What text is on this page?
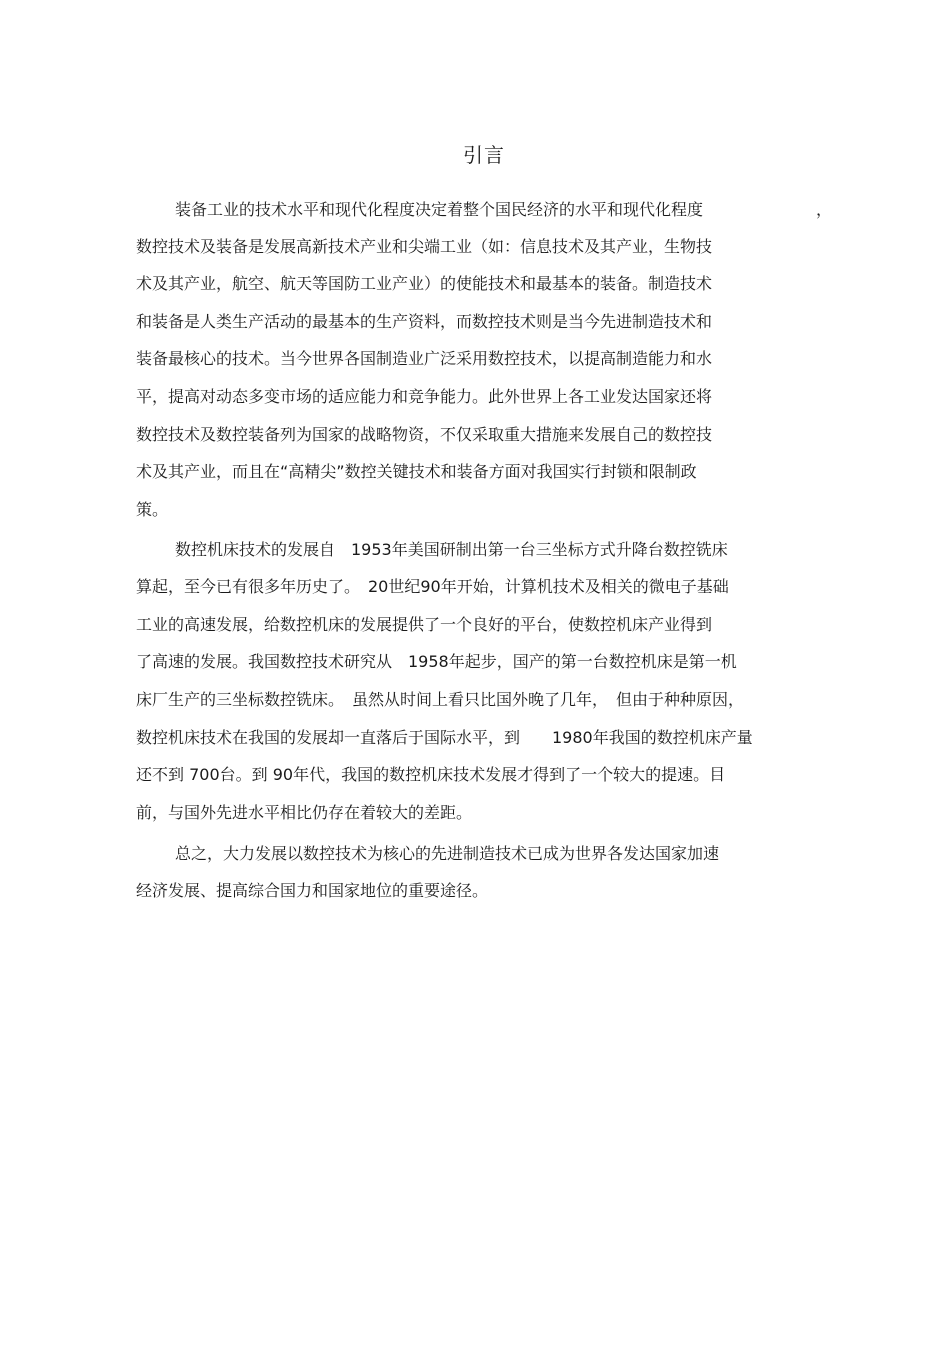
引言

装备工业的技术水平和现代化程度决定着整个国民经济的水平和现代化程度	，

数控技术及装备是发展高新技术产业和尖端工业（如：信息技术及其产业，生物技

术及其产业，航空、航天等国防工业产业）的使能技术和最基本的装备。制造技术

和装备是人类生产活动的最基本的生产资料，而数控技术则是当今先进制造技术和

装备最核心的技术。当今世界各国制造业广泛采用数控技术，以提高制造能力和水

平，提高对动态多变市场的适应能力和竞争能力。此外世界上各工业发达国家还将

数控技术及数控装备列为国家的战略物资，不仅采取重大措施来发展自己的数控技

术及其产业，而且在“高精尖”数控关键技术和装备方面对我国实行封锁和限制政

策。

数控机床技术的发展自　1953年美国研制出第一台三坐标方式升降台数控铣床

算起，至今已有很多年历史了。　20世纪90年开始，计算机技术及相关的微电子基础

工业的高速发展，给数控机床的发展提供了一个良好的平台，使数控机床产业得到

了高速的发展。我国数控技术研究从　1958年起步，国产的第一台数控机床是第一机

床厂生产的三坐标数控铣床。　虽然从时间上看只比国外晚了几年，　但由于种种原因，

数控机床技术在我国的发展却一直落后于国际水平，到　　1980年我国的数控机床产量

还不到 700台。到 90年代，我国的数控机床技术发展才得到了一个较大的提速。目

前，与国外先进水平相比仍存在着较大的差距。

总之，大力发展以数控技术为核心的先进制造技术已成为世界各发达国家加速

经济发展、提高综合国力和国家地位的重要途径。
